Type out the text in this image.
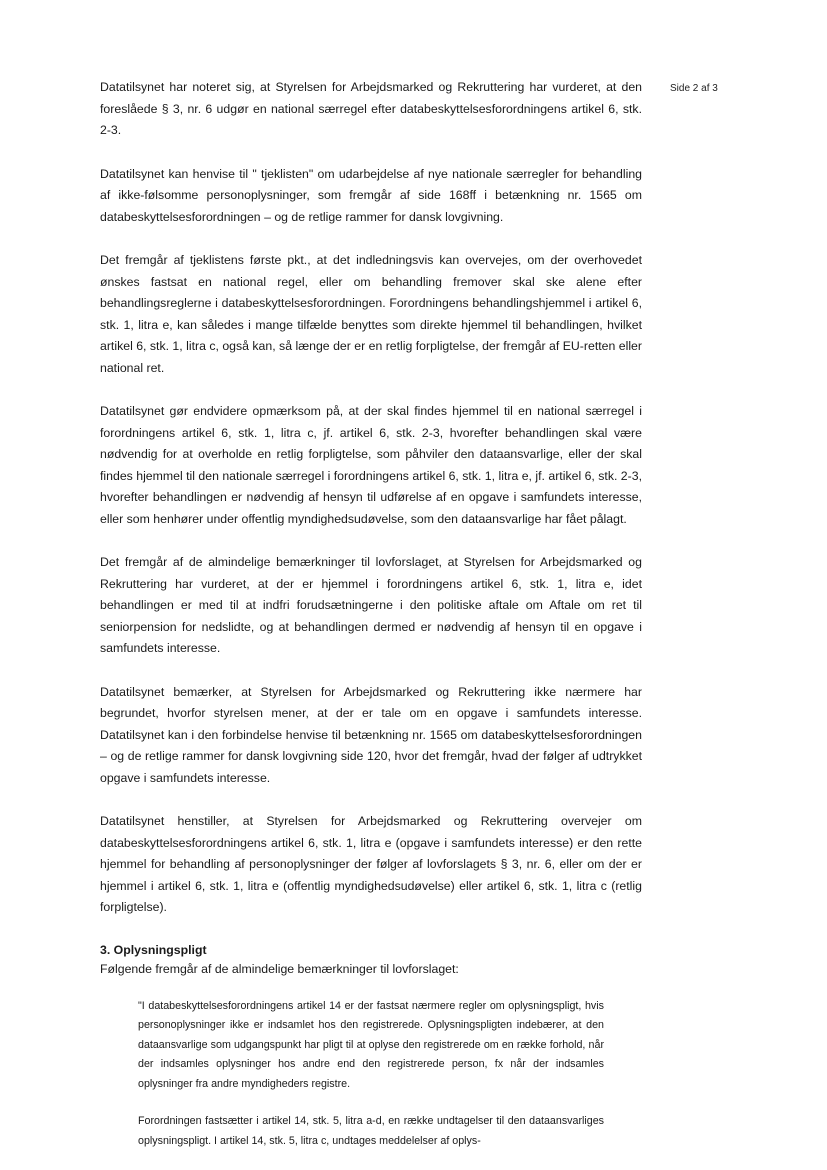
Side 2 af 3

Datatilsynet har noteret sig, at Styrelsen for Arbejdsmarked og Rekruttering har vurderet, at den foreslåede § 3, nr. 6 udgør en national særregel efter databeskyttelsesforordningens artikel 6, stk. 2-3.

Datatilsynet kan henvise til " tjeklisten" om udarbejdelse af nye nationale særregler for behandling af ikke-følsomme personoplysninger, som fremgår af side 168ff i betænkning nr. 1565 om databeskyttelsesforordningen – og de retlige rammer for dansk lovgivning.

Det fremgår af tjeklistens første pkt., at det indledningsvis kan overvejes, om der overhovedet ønskes fastsat en national regel, eller om behandling fremover skal ske alene efter behandlingsreglerne i databeskyttelsesforordningen. Forordningens behandlingshjemmel i artikel 6, stk. 1, litra e, kan således i mange tilfælde benyttes som direkte hjemmel til behandlingen, hvilket artikel 6, stk. 1, litra c, også kan, så længe der er en retlig forpligtelse, der fremgår af EU-retten eller national ret.

Datatilsynet gør endvidere opmærksom på, at der skal findes hjemmel til en national særregel i forordningens artikel 6, stk. 1, litra c, jf. artikel 6, stk. 2-3, hvorefter behandlingen skal være nødvendig for at overholde en retlig forpligtelse, som påhviler den dataansvarlige, eller der skal findes hjemmel til den nationale særregel i forordningens artikel 6, stk. 1, litra e, jf. artikel 6, stk. 2-3, hvorefter behandlingen er nødvendig af hensyn til udførelse af en opgave i samfundets interesse, eller som henhører under offentlig myndighedsudøvelse, som den dataansvarlige har fået pålagt.

Det fremgår af de almindelige bemærkninger til lovforslaget, at Styrelsen for Arbejdsmarked og Rekruttering har vurderet, at der er hjemmel i forordningens artikel 6, stk. 1, litra e, idet behandlingen er med til at indfri forudsætningerne i den politiske aftale om Aftale om ret til seniorpension for nedslidte, og at behandlingen dermed er nødvendig af hensyn til en opgave i samfundets interesse.

Datatilsynet bemærker, at Styrelsen for Arbejdsmarked og Rekruttering ikke nærmere har begrundet, hvorfor styrelsen mener, at der er tale om en opgave i samfundets interesse. Datatilsynet kan i den forbindelse henvise til betænkning nr. 1565 om databeskyttelsesforordningen – og de retlige rammer for dansk lovgivning side 120, hvor det fremgår, hvad der følger af udtrykket opgave i samfundets interesse.

Datatilsynet henstiller, at Styrelsen for Arbejdsmarked og Rekruttering overvejer om databeskyttelsesforordningens artikel 6, stk. 1, litra e (opgave i samfundets interesse) er den rette hjemmel for behandling af personoplysninger der følger af lovforslagets § 3, nr. 6, eller om der er hjemmel i artikel 6, stk. 1, litra e (offentlig myndighedsudøvelse) eller artikel 6, stk. 1, litra c (retlig forpligtelse).

3. Oplysningspligt

Følgende fremgår af de almindelige bemærkninger til lovforslaget:

"I databeskyttelsesforordningens artikel 14 er der fastsat nærmere regler om oplysningspligt, hvis personoplysninger ikke er indsamlet hos den registrerede. Oplysningspligten indebærer, at den dataansvarlige som udgangspunkt har pligt til at oplyse den registrerede om en række forhold, når der indsamles oplysninger hos andre end den registrerede person, fx når der indsamles oplysninger fra andre myndigheders registre.

Forordningen fastsætter i artikel 14, stk. 5, litra a-d, en række undtagelser til den dataansvarliges oplysningspligt. I artikel 14, stk. 5, litra c, undtages meddelelser af oplys-
